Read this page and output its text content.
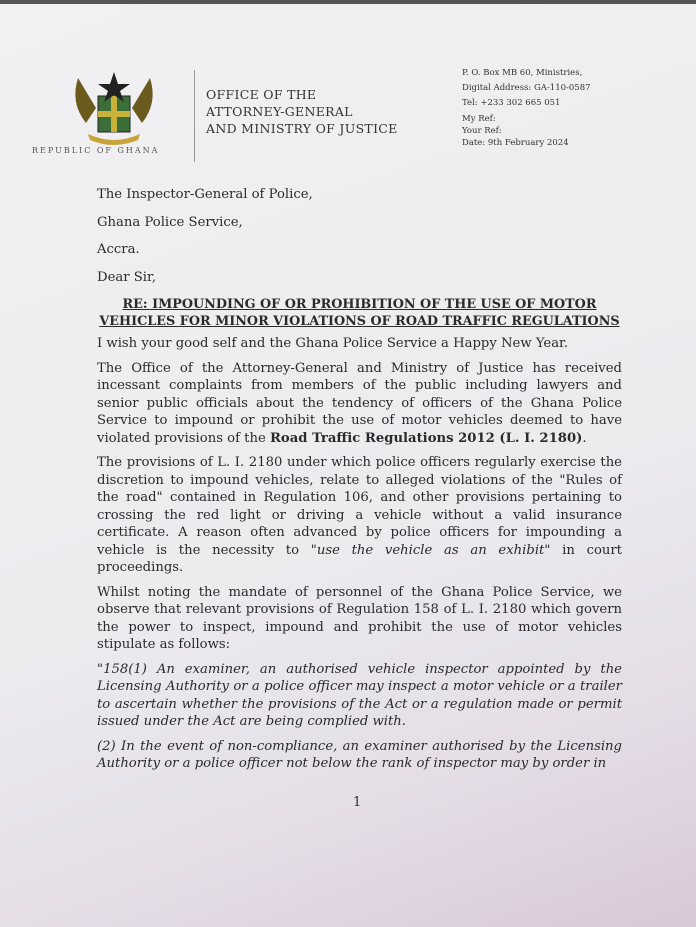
REPUBLIC OF GHANA
OFFICE OF THE
ATTORNEY-GENERAL
AND MINISTRY OF JUSTICE
P. O. Box MB 60, Ministries,
Digital Address: GA-110-0587
Tel: +233 302 665 051
My Ref:
Your Ref:
Date: 9th February 2024

The Inspector-General of Police,

Ghana Police Service,

Accra.

Dear Sir,

RE: IMPOUNDING OF OR PROHIBITION OF THE USE OF MOTOR VEHICLES FOR MINOR VIOLATIONS OF ROAD TRAFFIC REGULATIONS

I wish your good self and the Ghana Police Service a Happy New Year.

The Office of the Attorney-General and Ministry of Justice has received incessant complaints from members of the public including lawyers and senior public officials about the tendency of officers of the Ghana Police Service to impound or prohibit the use of motor vehicles deemed to have violated provisions of the Road Traffic Regulations 2012 (L. I. 2180).

The provisions of L. I. 2180 under which police officers regularly exercise the discretion to impound vehicles, relate to alleged violations of the "Rules of the road" contained in Regulation 106, and other provisions pertaining to crossing the red light or driving a vehicle without a valid insurance certificate. A reason often advanced by police officers for impounding a vehicle is the necessity to "use the vehicle as an exhibit" in court proceedings.

Whilst noting the mandate of personnel of the Ghana Police Service, we observe that relevant provisions of Regulation 158 of L. I. 2180 which govern the power to inspect, impound and prohibit the use of motor vehicles stipulate as follows:

"158(1) An examiner, an authorised vehicle inspector appointed by the Licensing Authority or a police officer may inspect a motor vehicle or a trailer to ascertain whether the provisions of the Act or a regulation made or permit issued under the Act are being complied with.

(2) In the event of non-compliance, an examiner authorised by the Licensing Authority or a police officer not below the rank of inspector may by order in

1
